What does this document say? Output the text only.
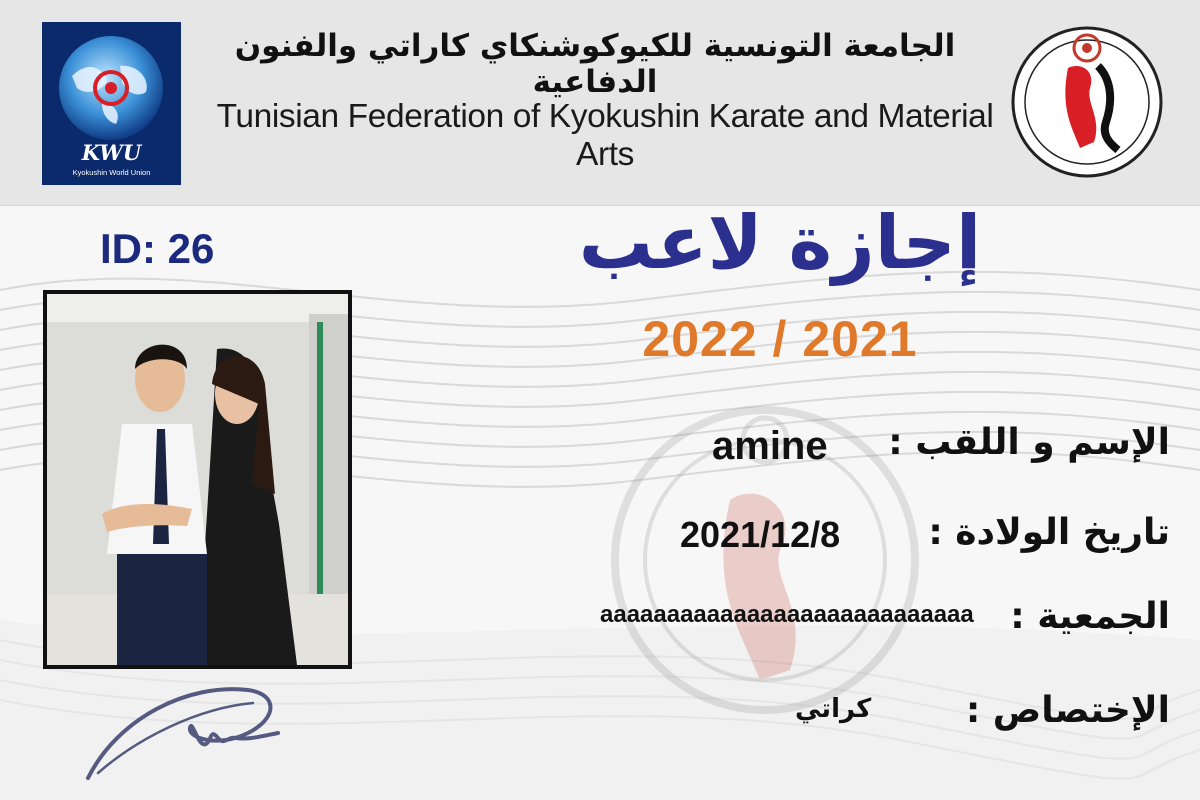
KWU
Kyokushin World Union
الجامعة التونسية للكيوكوشنكاي كاراتي والفنون الدفاعية
Tunisian Federation of Kyokushin Karate and Material Arts
ID: 26	إجازة لاعب
2022 / 2021
الإسم و اللقب :
amine
تاريخ الولادة :
2021/12/8
الجمعية :
aaaaaaaaaaaaaaaaaaaaaaaaaaaa
الإختصاص :
كراتي
